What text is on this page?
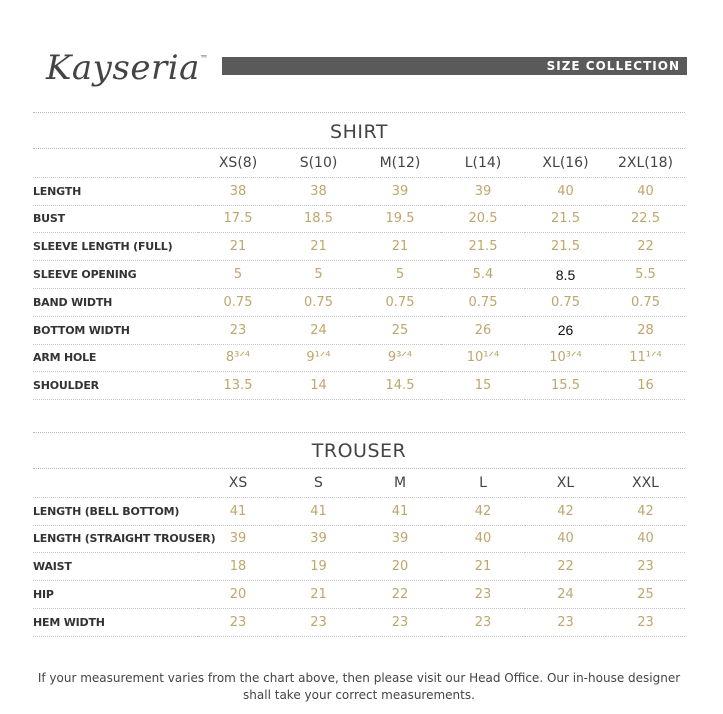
Kayseria™
SIZE COLLECTION
SHIRT
	XS(8)	S(10)	M(12)	L(14)	XL(16)	2XL(18)
LENGTH	38	38	39	39	40	40
BUST	17.5	18.5	19.5	20.5	21.5	22.5
SLEEVE LENGTH (FULL)	21	21	21	21.5	21.5	22
SLEEVE OPENING	5	5	5	5.4	8.5	5.5
BAND WIDTH	0.75	0.75	0.75	0.75	0.75	0.75
BOTTOM WIDTH	23	24	25	26	26	28
ARM HOLE	8³ᐟ⁴	9¹ᐟ⁴	9³ᐟ⁴	10¹ᐟ⁴	10³ᐟ⁴	11¹ᐟ⁴
SHOULDER	13.5	14	14.5	15	15.5	16
TROUSER
	XS	S	M	L	XL	XXL
LENGTH (BELL BOTTOM)	41	41	41	42	42	42
LENGTH (STRAIGHT TROUSER)	39	39	39	40	40	40
WAIST	18	19	20	21	22	23
HIP	20	21	22	23	24	25
HEM WIDTH	23	23	23	23	23	23
If your measurement varies from the chart above, then please visit our Head Office. Our in-house designer
shall take your correct measurements.
